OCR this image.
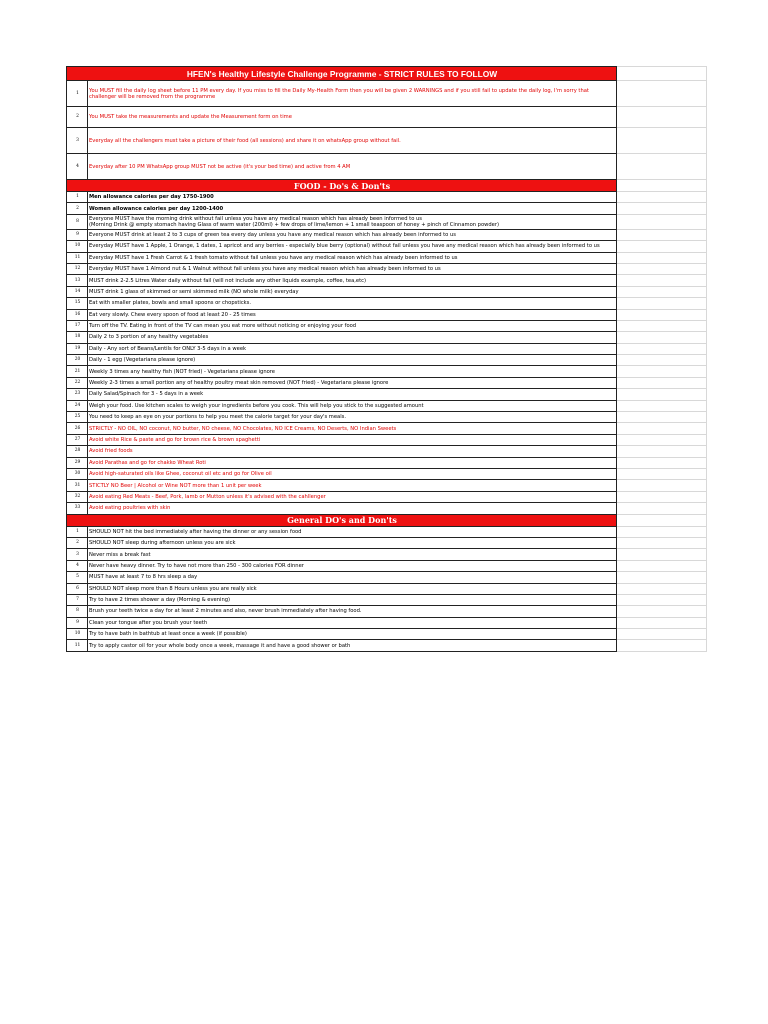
HFEN's Healthy Lifestyle Challenge Programme - STRICT RULES TO FOLLOW		
1	You MUST fill the daily log sheet before 11 PM every day. If you miss to fill the Daily My-Health Form then you will be given 2 WARNINGS and if you still fail to update the daily log, I'm sorry that
challenger will be removed from the programme	

2	You MUST take the measurements and update the Measurement form on time	

3	Everyday all the challengers must take a picture of their food (all sessions) and share it on whatsApp group without fail.	

4	Everyday after 10 PM WhatsApp group MUST not be active (it's your bed time) and active from 4 AM	

FOOD - Do's & Don'ts		
1	Men allowance calories per day 1750-1900	
2	Women allowance calories per day 1200-1400	
8	Everyone MUST have the morning drink without fail unless you have any medical reason which has already been informed to us
(Morning Drink @ empty stomach having Glass of warm water (200ml) + few drops of lime/lemon + 1 small teaspoon of honey + pinch of Cinnamon powder)	

9	Everyone MUST drink at least 2 to 3 cups of green tea every day unless you have any medical reason which has already been informed to us	
10	Everyday MUST have 1 Apple, 1 Orange, 1 dates, 1 apricot and any berries - especially blue berry (optional) without fail unless you have any medical reason which has already been informed to us	
11	Everyday MUST have 1 Fresh Carrot & 1 fresh tomato without fail unless you have any medical reason which has already been informed to us	
12	Everyday MUST have 1 Almond nut & 1 Walnut without fail unless you have any medical reason which has already been informed to us	
13	MUST drink 2-2.5 Litres Water daily without fail (will not include any other liquids example, coffee, tea,etc)	
14	MUST drink 1 glass of skimmed or semi skimmed milk (NO whole milk) everyday	
15	Eat with smaller plates, bowls and small spoons or chopsticks.	
16	Eat very slowly. Chew every spoon of food at least 20 - 25 times	
17	Turn off the TV. Eating in front of the TV can mean you eat more without noticing or enjoying your food	
18	Daily 2 to 3 portion of any healthy vegetables	
19	Daily - Any sort of Beans/Lentils for ONLY 3-5 days in a week	
20	Daily - 1 egg (Vegetarians please ignore)	
21	Weekly 3 times any healthy fish (NOT fried) - Vegetarians please ignore	
22	Weekly 2-3 times a small portion any of healthy poultry meat skin removed (NOT fried) - Vegetarians please ignore	
23	Daily Salad/Spinach for 3 - 5 days in a week	
24	Weigh your food. Use kitchen scales to weigh your ingredients before you cook. This will help you stick to the suggested amount	
25	You need to keep an eye on your portions to help you meet the calorie target for your day's meals.	
26	STRICTLY - NO OIL, NO coconut, NO butter, NO cheese, NO Chocolates, NO ICE Creams, NO Deserts, NO Indian Sweets	
27	Avoid white Rice & paste and go for brown rice & brown spaghetti	
28	Avoid fried foods	
29	Avoid Parathas and go for chakko Wheat Roti	
30	Avoid high-saturated oils like Ghee, coconut oil etc and go for Olive oil	
31	STICTLY NO Beer | Alcohol or Wine NOT more than 1 unit per week	
32	Avoid eating Red Meats - Beef, Pork, lamb or Mutton unless it's advised with the cahllenger	
33	Avoid eating poultries with skin	
General DO's and Don'ts		
1	SHOULD NOT hit the bed immediately after having the dinner or any session food	
2	SHOULD NOT sleep during afternoon unless you are sick	
3	Never miss a break fast	
4	Never have heavy dinner. Try to have not more than 250 - 300 calories FOR dinner	
5	MUST have at least 7 to 8 hrs sleep a day	
6	SHOULD NOT sleep more than 8 Hours unless you are really sick	
7	Try to have 2 times shower a day (Morning & evening)	
8	Brush your teeth twice a day for at least 2 minutes and also, never brush immediately after having food.	
9	Clean your tongue after you brush your teeth	
10	Try to have bath in bathtub at least once a week (if possible)	
11	Try to apply castor oil for your whole body once a week, massage it and have a good shower or bath	
